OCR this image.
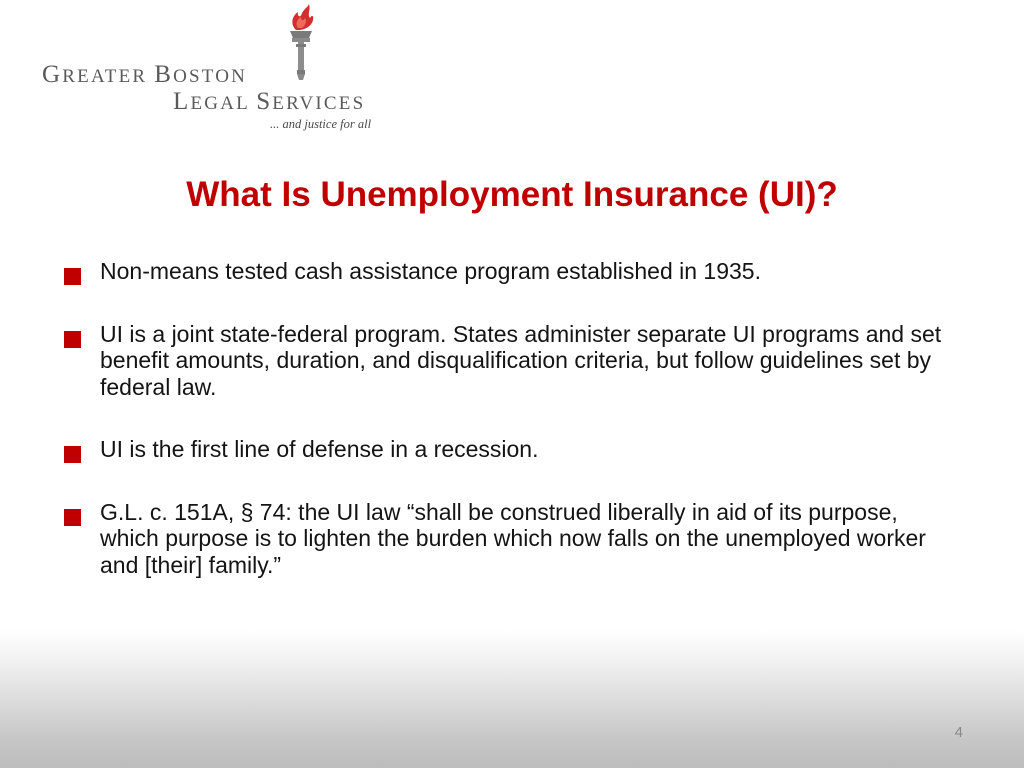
GREATER BOSTON
LEGAL SERVICES
... and justice for all
What Is Unemployment Insurance (UI)?
Non-means tested cash assistance program established in 1935.
UI is a joint state-federal program. States administer separate UI programs and set benefit amounts, duration, and disqualification criteria, but follow guidelines set by federal law.
UI is the first line of defense in a recession.
G.L. c. 151A, § 74: the UI law “shall be construed liberally in aid of its purpose, which purpose is to lighten the burden which now falls on the unemployed worker and [their] family.”
4
